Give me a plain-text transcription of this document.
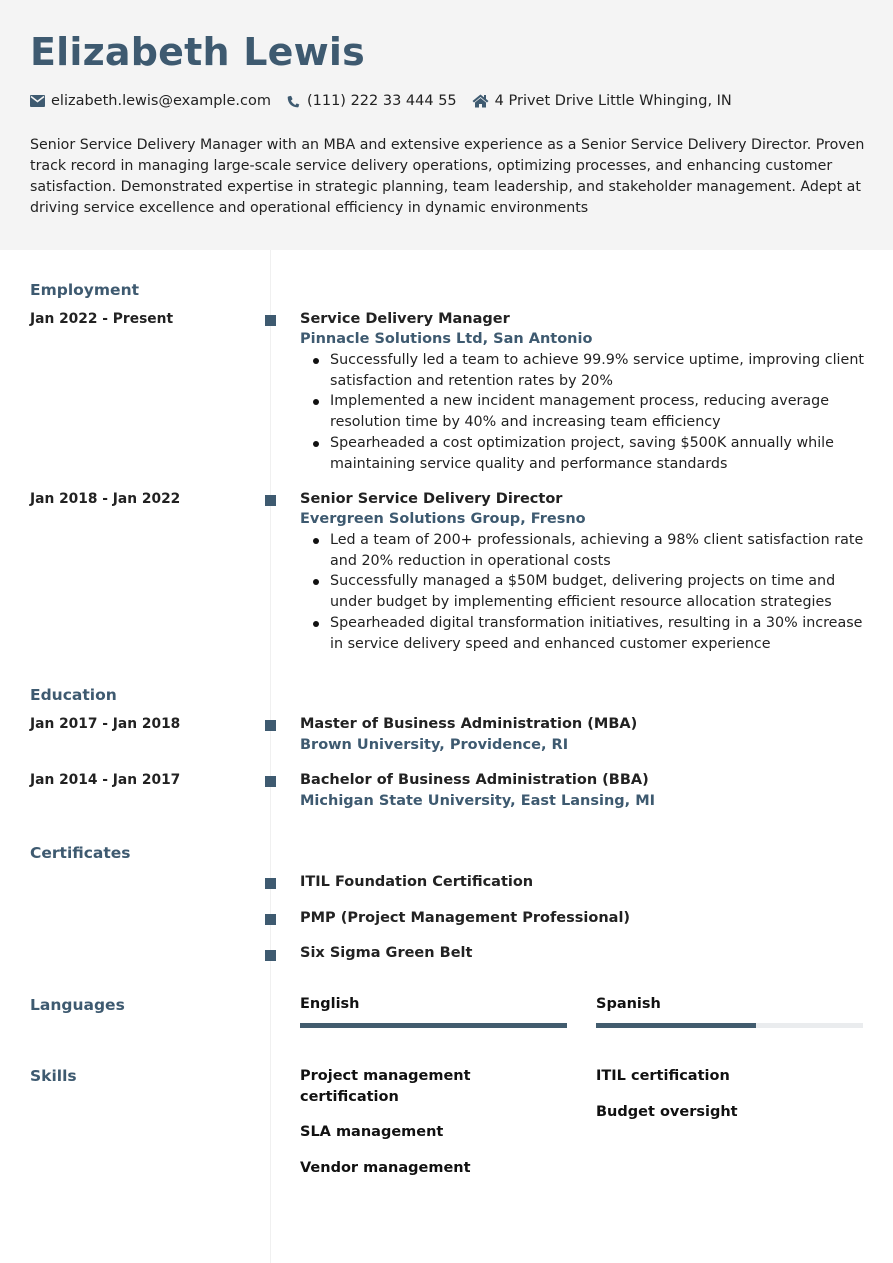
Elizabeth Lewis
elizabeth.lewis@example.com (111) 222 33 444 55	4 Privet Drive Little Whinging, IN
Senior Service Delivery Manager with an MBA and extensive experience as a Senior Service Delivery Director. Proven track record in managing large-scale service delivery operations, optimizing processes, and enhancing customer satisfaction. Demonstrated expertise in strategic planning, team leadership, and stakeholder management. Adept at driving service excellence and operational efficiency in dynamic environments
Employment
Jan 2022 - Present	Service Delivery Manager
Pinnacle Solutions Ltd, San Antonio
Successfully led a team to achieve 99.9% service uptime, improving client satisfaction and retention rates by 20%
Implemented a new incident management process, reducing average resolution time by 40% and increasing team efficiency
Spearheaded a cost optimization project, saving $500K annually while maintaining service quality and performance standards
Jan 2018 - Jan 2022	Senior Service Delivery Director
Evergreen Solutions Group, Fresno
Led a team of 200+ professionals, achieving a 98% client satisfaction rate and 20% reduction in operational costs
Successfully managed a $50M budget, delivering projects on time and under budget by implementing efficient resource allocation strategies
Spearheaded digital transformation initiatives, resulting in a 30% increase in service delivery speed and enhanced customer experience
Education
Jan 2017 - Jan 2018	Master of Business Administration (MBA)
Brown University, Providence, RI
Jan 2014 - Jan 2017	Bachelor of Business Administration (BBA)
Michigan State University, East Lansing, MI
Certificates
ITIL Foundation Certification
PMP (Project Management Professional)
Six Sigma Green Belt
Languages	English	Spanish
Skills	Project management certification
ITIL certification
SLA management
Budget oversight
Vendor management
